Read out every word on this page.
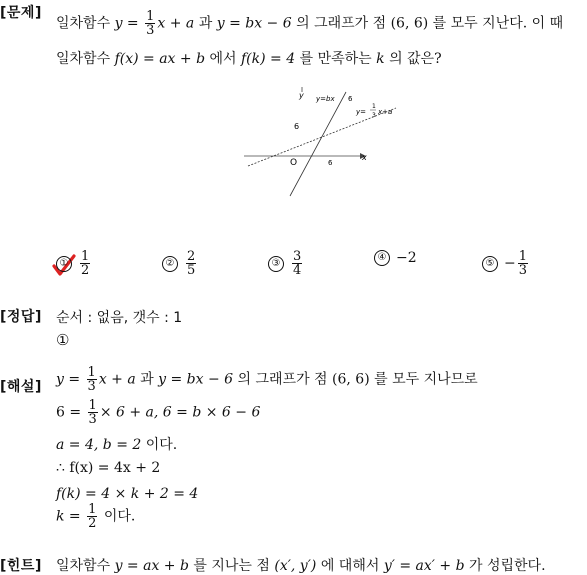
[문제]
일차함수 $y = \frac{1}{3}$ x + a 과 y = bx − 6 의 그래프가 점 (6, 6) 를 모두 지난다. 이 때
일차함수 f(x) = ax + b 에서 f(k) = 4 를 만족하는 k 의 값은?
y y=bx 6
y=
1
3 x+a
6
O	6
x
① $\frac{1}{2}$	② $\frac{2}{5}$	③ $\frac{3}{4}$	④ −2	⑤ − $\frac{1}{3}$
[정답] 순서 : 없음, 갯수 : 1
①
[해설] $y = \frac{1}{3}$ x + a 과 y = bx − 6 의 그래프가 점 (6, 6) 를 모두 지나므로
$6 = \frac{1}{3} \times 6 + a$, 6 = b × 6 − 6
a = 4, b = 2 이다.
∴ f(x) = 4x + 2
f(k) = 4 × k + 2 = 4
$k = \frac{1}{2}$ 이다.
[힌트] 일차함수 y = ax + b 를 지나는 점 (x′, y′) 에 대해서 y′ = ax′ + b 가 성립한다.
